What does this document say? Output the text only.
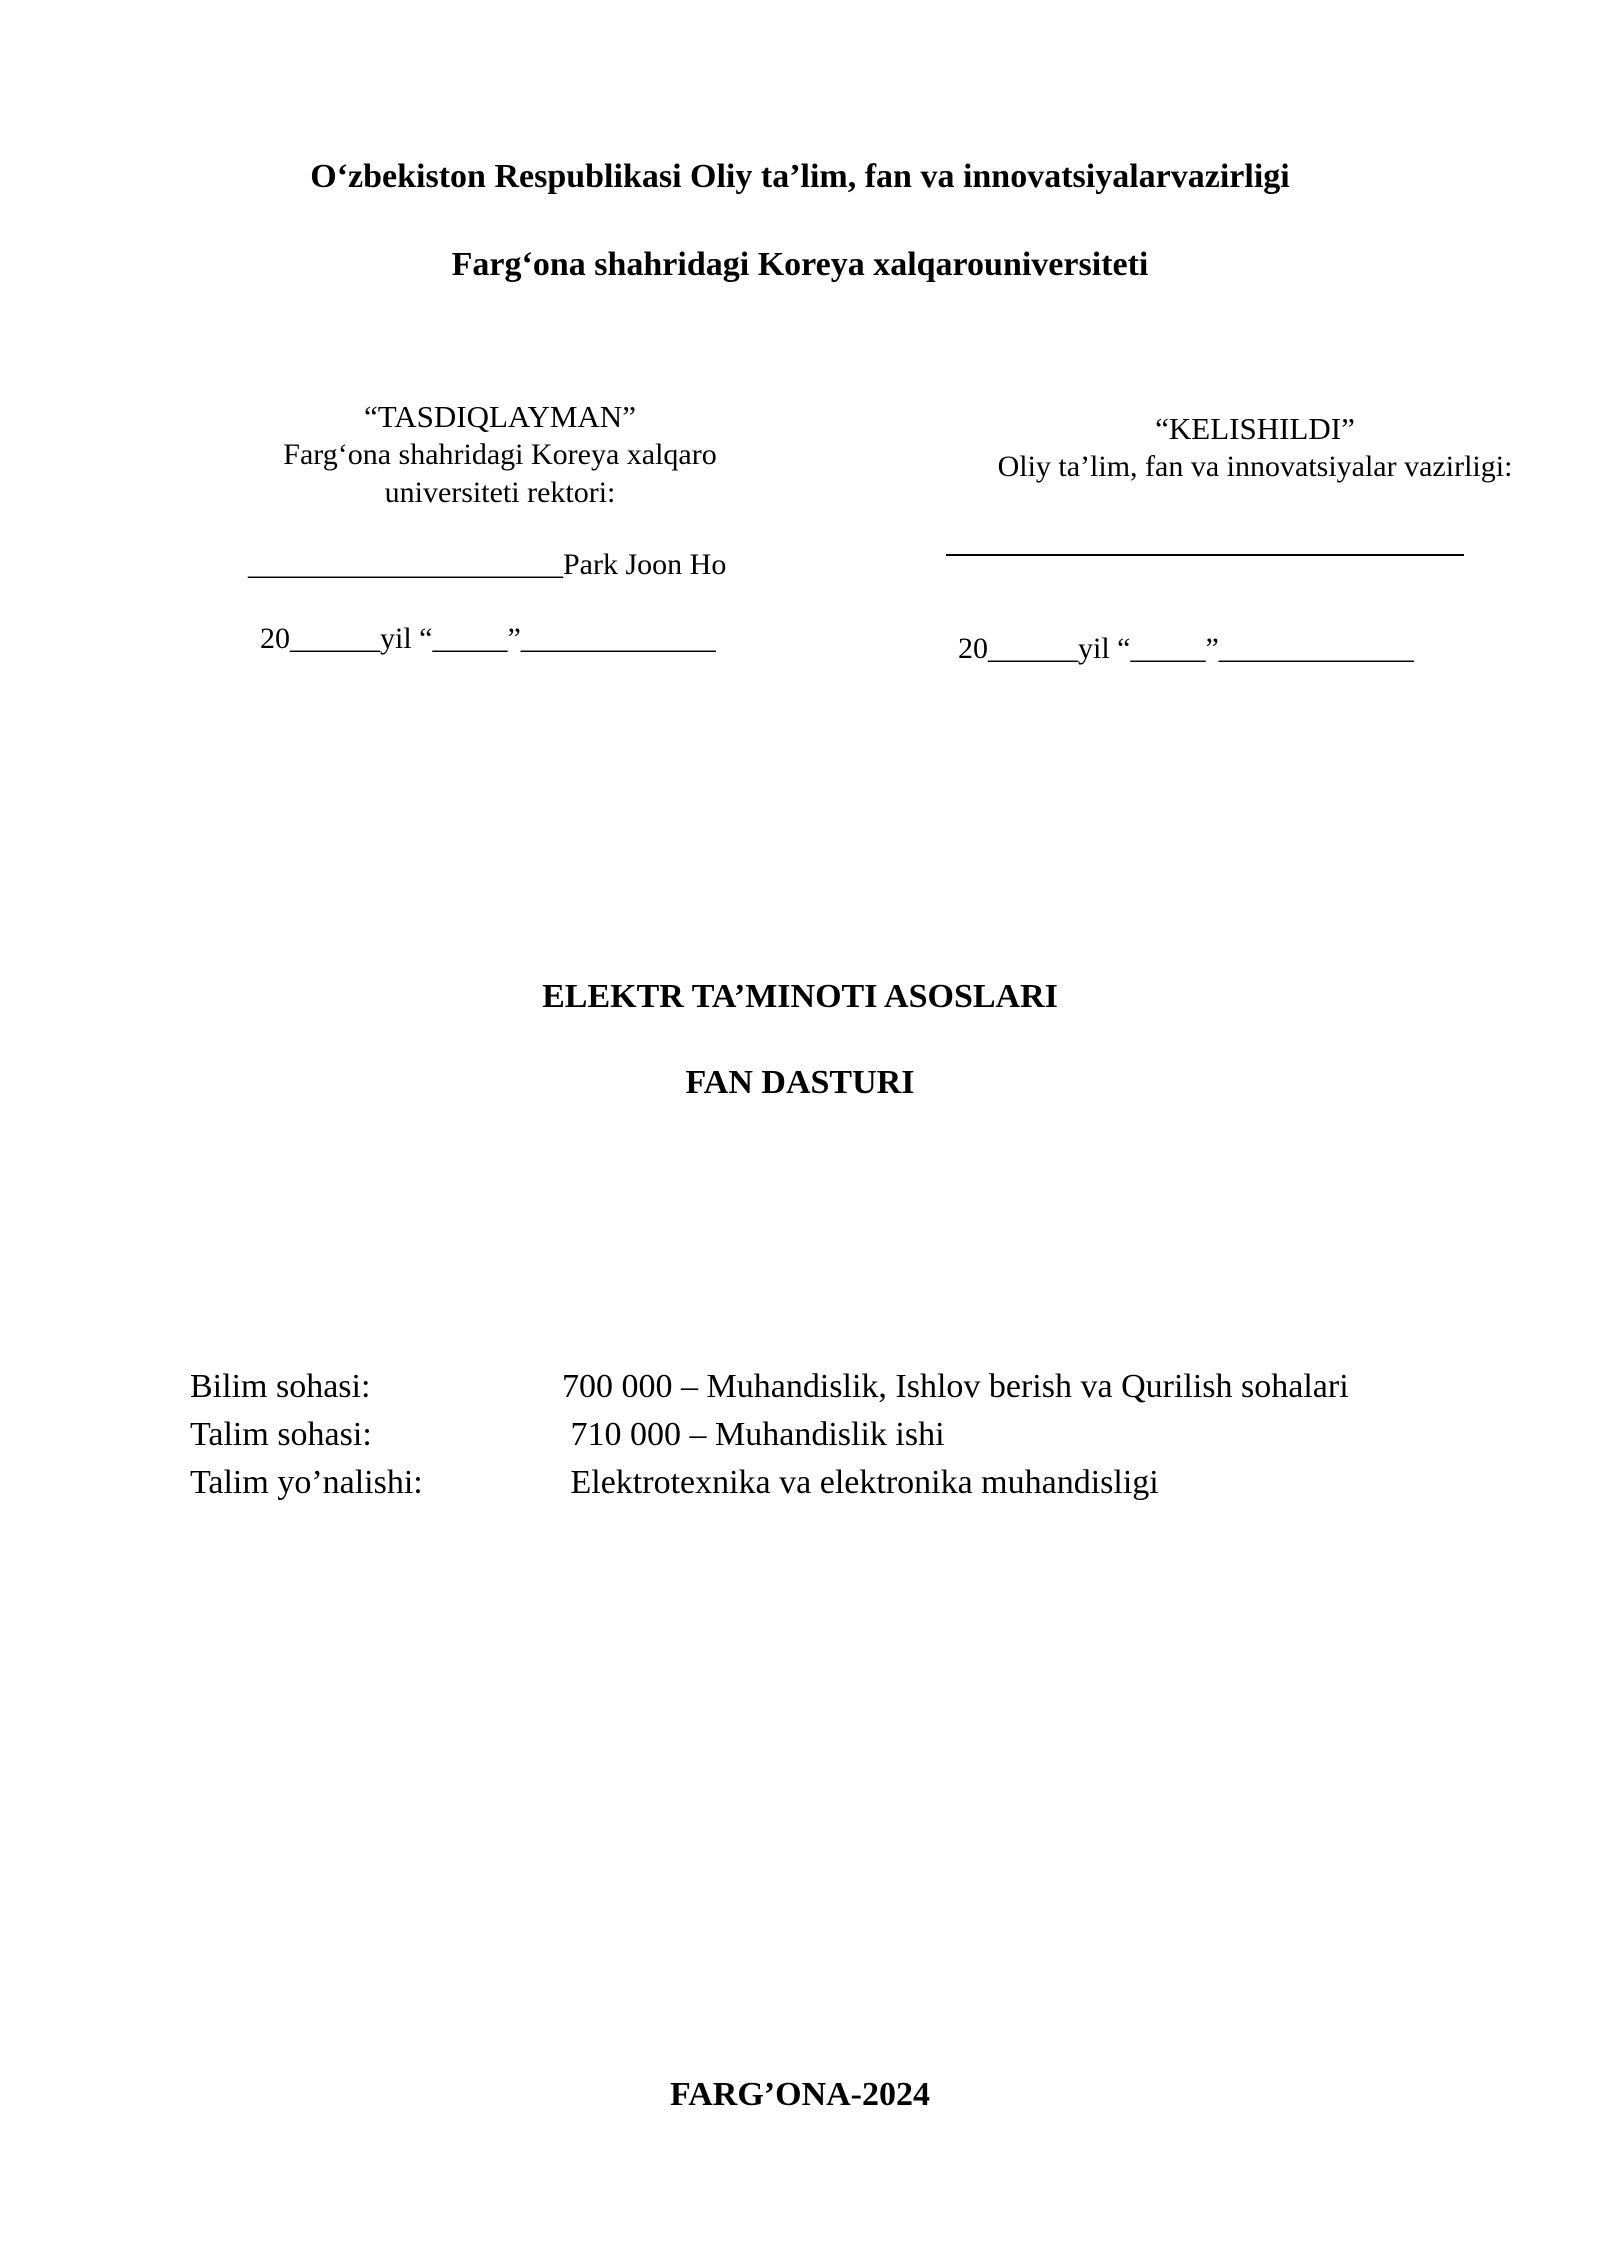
O‘zbekiston Respublikasi Oliy ta’lim, fan va innovatsiyalarvazirligi
Farg‘ona shahridagi Koreya xalqarouniversiteti
“TASDIQLAYMAN”
Farg‘ona shahridagi Koreya xalqaro
universiteti rektori:
_____________________Park Joon Ho
20______yil “_____”_____________
“KELISHILDI”
Oliy ta’lim, fan va innovatsiyalar vazirligi:
20______yil “_____”_____________
ELEKTR TA’MINOTI ASOSLARI
FAN DASTURI
Bilim sohasi:	700 000 – Muhandislik, Ishlov berish va Qurilish sohalari
Talim sohasi:	710 000 – Muhandislik ishi
Talim yo’nalishi:	Elektrotexnika va elektronika muhandisligi
FARG’ONA-2024
